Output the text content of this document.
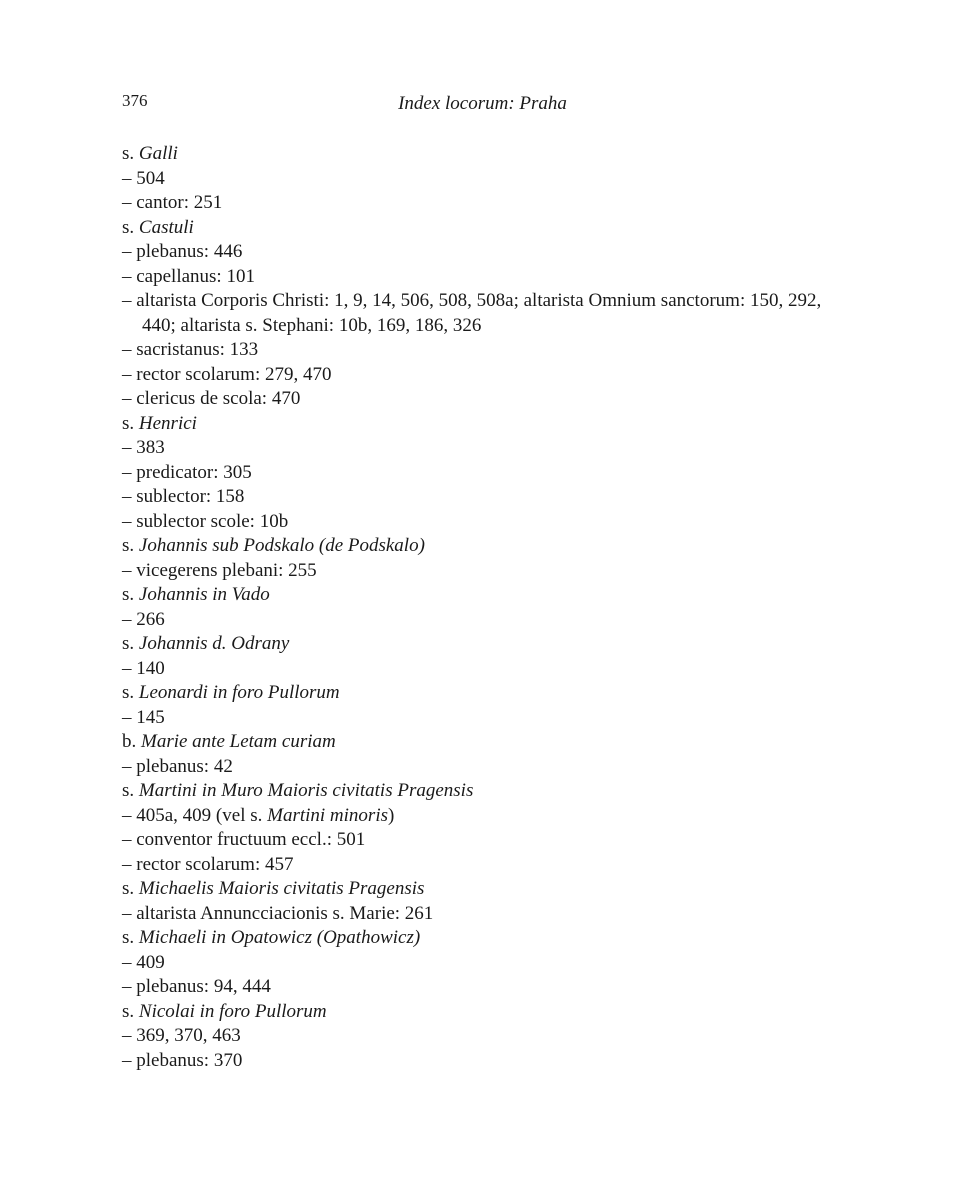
376	Index locorum: Praha
s. Galli
– 504
– cantor: 251
s. Castuli
– plebanus: 446
– capellanus: 101
– altarista Corporis Christi: 1, 9, 14, 506, 508, 508a; altarista Omnium sanctorum: 150, 292, 440; altarista s. Stephani: 10b, 169, 186, 326
– sacristanus: 133
– rector scolarum: 279, 470
– clericus de scola: 470
s. Henrici
– 383
– predicator: 305
– sublector: 158
– sublector scole: 10b
s. Johannis sub Podskalo (de Podskalo)
– vicegerens plebani: 255
s. Johannis in Vado
– 266
s. Johannis d. Odrany
– 140
s. Leonardi in foro Pullorum
– 145
b. Marie ante Letam curiam
– plebanus: 42
s. Martini in Muro Maioris civitatis Pragensis
– 405a, 409 (vel s. Martini minoris)
– conventor fructuum eccl.: 501
– rector scolarum: 457
s. Michaelis Maioris civitatis Pragensis
– altarista Annuncciacionis s. Marie: 261
s. Michaeli in Opatowicz (Opathowicz)
– 409
– plebanus: 94, 444
s. Nicolai in foro Pullorum
– 369, 370, 463
– plebanus: 370
